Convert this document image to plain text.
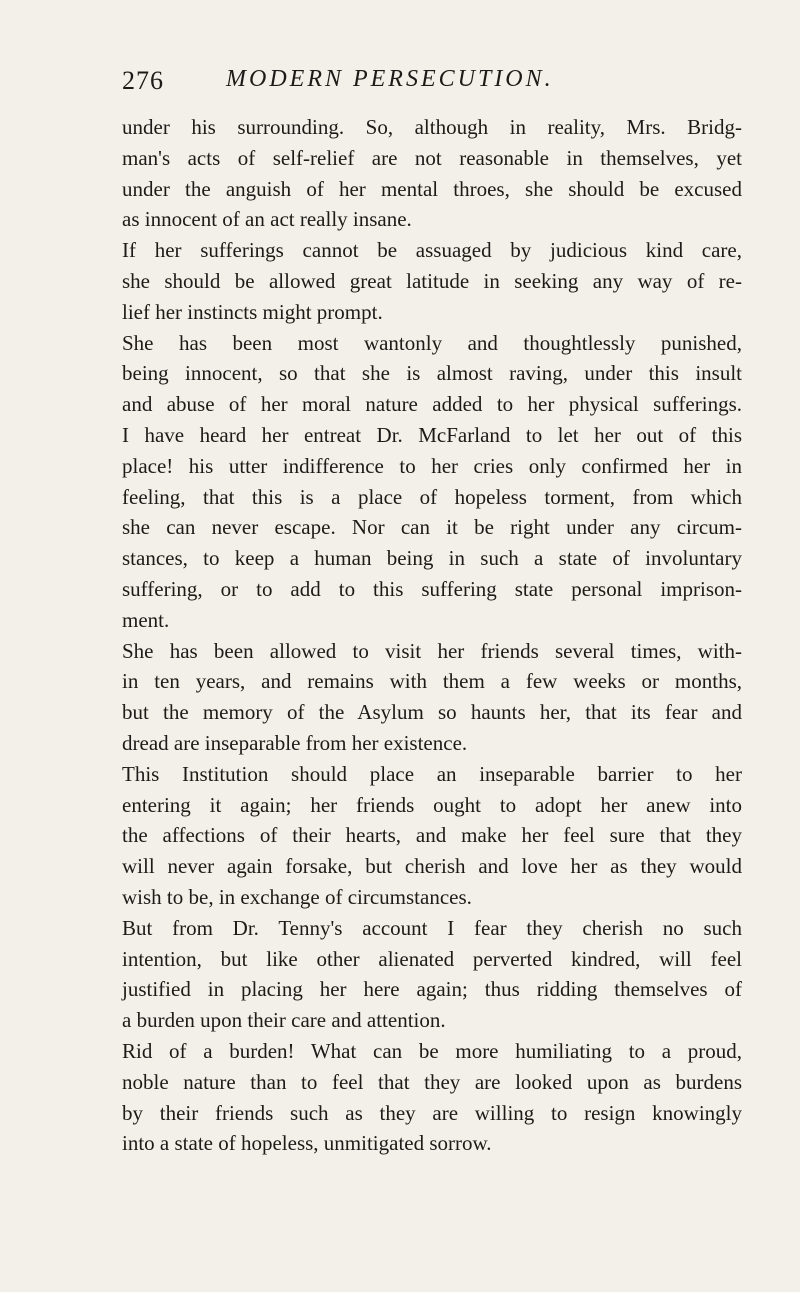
276	MODERN PERSECUTION.
under his surrounding. So, although in reality, Mrs. Bridg-
man's acts of self-relief are not reasonable in themselves, yet
under the anguish of her mental throes, she should be excused
as innocent of an act really insane.
If her sufferings cannot be assuaged by judicious kind care,
she should be allowed great latitude in seeking any way of re-
lief her instincts might prompt.
She has been most wantonly and thoughtlessly punished,
being innocent, so that she is almost raving, under this insult
and abuse of her moral nature added to her physical sufferings.
I have heard her entreat Dr. McFarland to let her out of this
place! his utter indifference to her cries only confirmed her in
feeling, that this is a place of hopeless torment, from which
she can never escape. Nor can it be right under any circum-
stances, to keep a human being in such a state of involuntary
suffering, or to add to this suffering state personal imprison-
ment.
She has been allowed to visit her friends several times, with-
in ten years, and remains with them a few weeks or months,
but the memory of the Asylum so haunts her, that its fear and
dread are inseparable from her existence.
This Institution should place an inseparable barrier to her
entering it again; her friends ought to adopt her anew into
the affections of their hearts, and make her feel sure that they
will never again forsake, but cherish and love her as they would
wish to be, in exchange of circumstances.
But from Dr. Tenny's account I fear they cherish no such
intention, but like other alienated perverted kindred, will feel
justified in placing her here again; thus ridding themselves of
a burden upon their care and attention.
Rid of a burden! What can be more humiliating to a proud,
noble nature than to feel that they are looked upon as burdens
by their friends such as they are willing to resign knowingly
into a state of hopeless, unmitigated sorrow.
